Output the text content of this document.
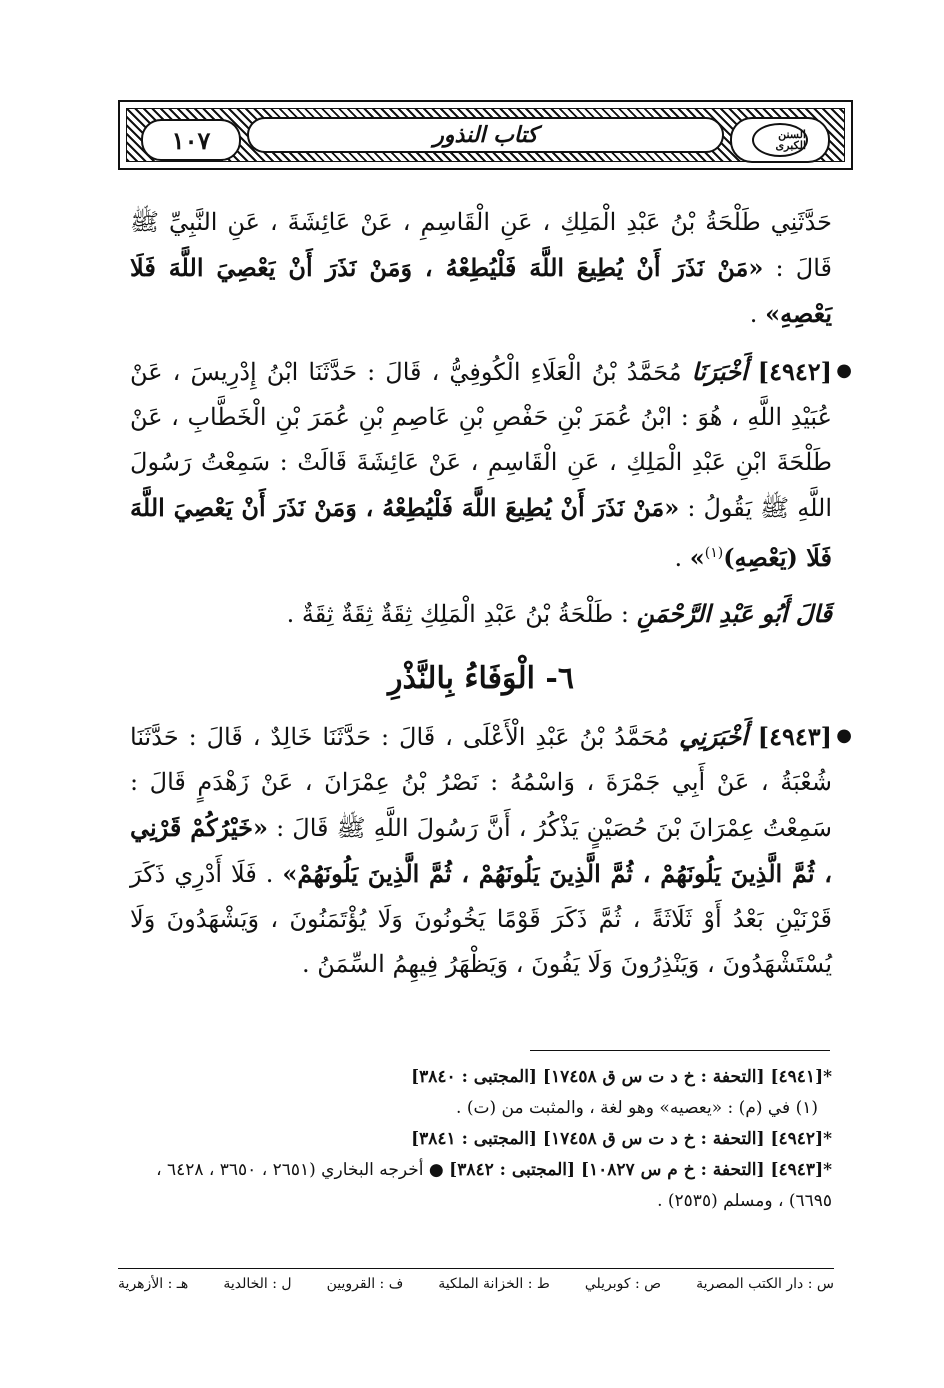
السنن الكبرى
كتاب النذور
١٠٧

حَدَّثَنِي طَلْحَةُ بْنُ عَبْدِ الْمَلِكِ ، عَنِ الْقَاسِمِ ، عَنْ عَائِشَةَ ، عَنِ النَّبِيِّ ﷺ قَالَ : «مَنْ نَذَرَ أَنْ يُطِيعَ اللَّهَ فَلْيُطِعْهُ ، وَمَنْ نَذَرَ أَنْ يَعْصِيَ اللَّهَ فَلَا يَعْصِهِ» .

●

[٤٩٤٢] أَخْبَرَنَا مُحَمَّدُ بْنُ الْعَلَاءِ الْكُوفِيُّ ، قَالَ : حَدَّثَنَا ابْنُ إِدْرِيسَ ، عَنْ عُبَيْدِ اللَّهِ ، هُوَ : ابْنُ عُمَرَ بْنِ حَفْصِ بْنِ عَاصِمِ بْنِ عُمَرَ بْنِ الْخَطَّابِ ، عَنْ طَلْحَةَ ابْنِ عَبْدِ الْمَلِكِ ، عَنِ الْقَاسِمِ ، عَنْ عَائِشَةَ قَالَتْ : سَمِعْتُ رَسُولَ اللَّهِ ﷺ يَقُولُ : «مَنْ نَذَرَ أَنْ يُطِيعَ اللَّهَ فَلْيُطِعْهُ ، وَمَنْ نَذَرَ أَنْ يَعْصِيَ اللَّهَ فَلَا (يَعْصِهِ)$^{(١)}$» .

قَالَ أَبُو عَبْدِ الرَّحْمَنِ : طَلْحَةُ بْنُ عَبْدِ الْمَلِكِ ثِقَةٌ ثِقَةٌ ثِقَةٌ .

٦- الْوَفَاءُ بِالنَّذْرِ
●

[٤٩٤٣] أَخْبَرَنِي مُحَمَّدُ بْنُ عَبْدِ الْأَعْلَى ، قَالَ : حَدَّثَنَا خَالِدٌ ، قَالَ : حَدَّثَنَا شُعْبَةُ ، عَنْ أَبِي جَمْرَةَ ، وَاسْمُهُ : نَصْرُ بْنُ عِمْرَانَ ، عَنْ زَهْدَمٍ قَالَ : سَمِعْتُ عِمْرَانَ بْنَ حُصَيْنٍ يَذْكُرُ ، أَنَّ رَسُولَ اللَّهِ ﷺ قَالَ : «خَيْرُكُمْ قَرْنِي ، ثُمَّ الَّذِينَ يَلُونَهُمْ ، ثُمَّ الَّذِينَ يَلُونَهُمْ ، ثُمَّ الَّذِينَ يَلُونَهُمْ» . فَلَا أَدْرِي ذَكَرَ قَرْنَيْنِ بَعْدُ أَوْ ثَلَاثَةً ، ثُمَّ ذَكَرَ قَوْمًا يَخُونُونَ وَلَا يُؤْتَمَنُونَ ، وَيَشْهَدُونَ وَلَا يُسْتَشْهَدُونَ ، وَيَنْذِرُونَ وَلَا يَفُونَ ، وَيَظْهَرُ فِيهِمُ السِّمَنُ .

*[٤٩٤١] [التحفة : خ د ت س ق ١٧٤٥٨] [المجتبى : ٣٨٤٠]
(١) في (م) : «يعصيه» وهو لغة ، والمثبت من (ت) .
*[٤٩٤٢] [التحفة : خ د ت س ق ١٧٤٥٨] [المجتبى : ٣٨٤١]
*[٤٩٤٣] [التحفة : خ م س ١٠٨٢٧] [المجتبى : ٣٨٤٢] ● أخرجه البخاري (٢٦٥١ ، ٣٦٥٠ ، ٦٤٢٨ ، ٦٦٩٥) ، ومسلم (٢٥٣٥) .
س : دار الكتب المصرية
ص : كوبريلي
ط : الخزانة الملكية
ف : القرويين
ل : الخالدية
هـ : الأزهرية
